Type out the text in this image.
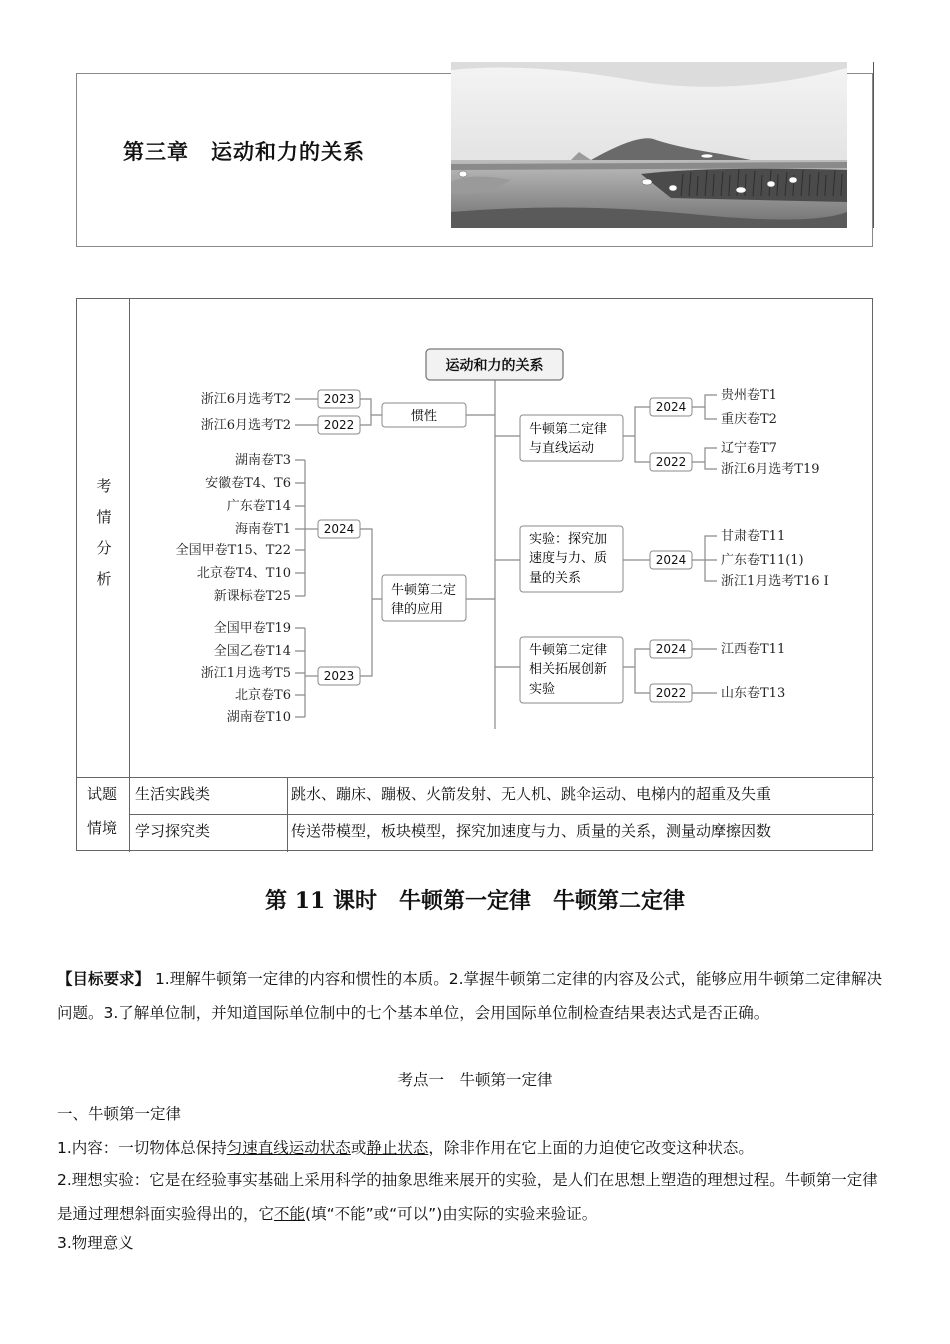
第三章　运动和力的关系
考
情
分
析
运动和力的关系
惯性
牛顿第二定
律的应用
牛顿第二定律
与直线运动
实验：探究加
速度与力、质
量的关系
牛顿第二定律
相关拓展创新
实验
2023
2022
2024
2023
2024
2022
2024
2024
2022
浙江6月选考T2
浙江6月选考T2
湖南卷T3
安徽卷T4、T6
广东卷T14
海南卷T1
全国甲卷T15、T22
北京卷T4、T10
新课标卷T25
全国甲卷T19
全国乙卷T14
浙江1月选考T5
北京卷T6
湖南卷T10
贵州卷T1
重庆卷T2
辽宁卷T7
浙江6月选考T19
甘肃卷T11
广东卷T11(1)
浙江1月选考T16 Ⅰ
江西卷T11
山东卷T13
试题
情境
生活实践类	跳水、蹦床、蹦极、火箭发射、无人机、跳伞运动、电梯内的超重及失重
学习探究类	传送带模型，板块模型，探究加速度与力、质量的关系，测量动摩擦因数
第 11 课时　牛顿第一定律　牛顿第二定律
【目标要求】 1.理解牛顿第一定律的内容和惯性的本质。2.掌握牛顿第二定律的内容及公式，能够应用牛顿第二定律解决问题。3.了解单位制，并知道国际单位制中的七个基本单位，会用国际单位制检查结果表达式是否正确。
考点一　牛顿第一定律
一、牛顿第一定律
1.内容：一切物体总保持匀速直线运动状态或静止状态，除非作用在它上面的力迫使它改变这种状态。
2.理想实验：它是在经验事实基础上采用科学的抽象思维来展开的实验，是人们在思想上塑造的理想过程。牛顿第一定律是通过理想斜面实验得出的，它不能(填“不能”或“可以”)由实际的实验来验证。
3.物理意义
